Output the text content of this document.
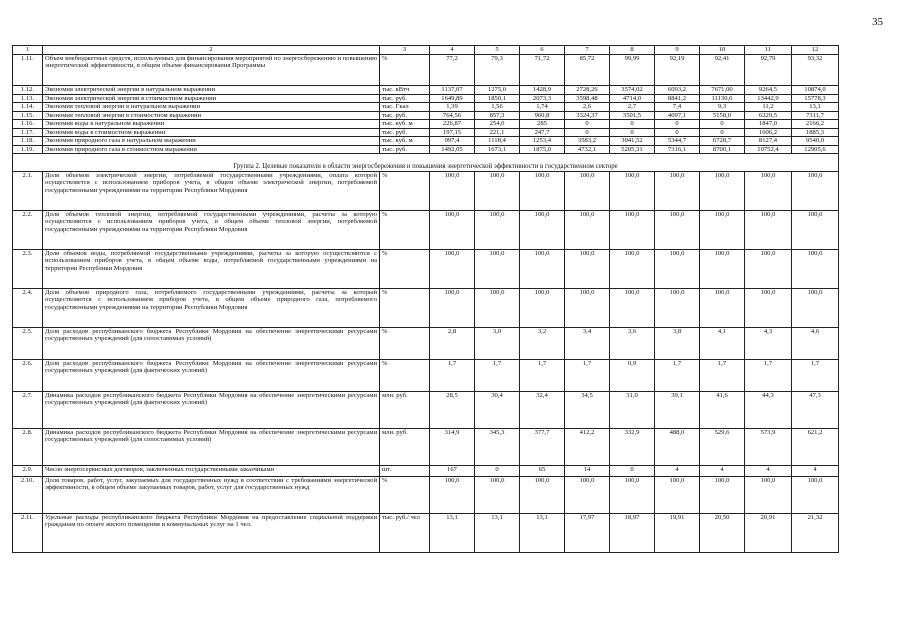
35
1	2	3	4	5	6	7	8	9	10	11	12
1.11.	Объем внебюджетных средств, используемых для финансирования мероприятий по энергосбережению и повышению энергетической эффективности, в общем объеме финансирования Программы	%	77,2	79,3	71,72	85,72	99,99	92,19	92,41	92,79	93,32
1.12.	Экономия электрической энергии в натуральном выражении	тыс. кВтч	1137,07	1275,0	1428,9	2728,26	3574,02	6093,2	7671,00	9264,5	10874,0
1.13.	Экономия электрической энергии в стоимостном выражении	тыс. руб.	1649,89	1850,1	2073,3	3598,48	4714,0	8841,2	11130,6	13442,9	15778,3
1.14.	Экономия тепловой энергии в натуральном выражении	тыс. Гкал	1,39	1,56	1,74	2,6	2,7	7,4	9,3	11,2	13,1
1.15.	Экономия тепловой энергии в стоимостном выражении	тыс. руб.	764,56	857,3	960,8	3324,37	3501,5	4097,1	5158,0	6229,5	7311,7
1.16.	Экономия воды в натуральном выражении	тыс. куб. м	226,87	254,0	285	0	0	0	0	1847,0	2166,2
1.17.	Экономия воды в стоимостном выражении	тыс. руб.	197,15	221,1	247,7	0	0	0	0	1606,2	1885,3
1.18.	Экономия природного газа в натуральном выражении	тыс. куб. м	997,4	1118,4	1253,4	3583,2	3941,52	5344,7	6728,7	8127,4	9540,0
1.19.	Экономия природного газа в стоимостном выражении	тыс. руб.	1492,05	1673,1	1875,0	4732,1	5205,31	7316,1	8700,1	10752,4	12905,6
Группа 2. Целевые показатели в области энергосбережения и повышения энергетической эффективности в государственном секторе											
2.1.	Доля объемов электрической энергии, потребляемой государственными учреждениями, оплата которой осуществляется с использованием приборов учета, в общем объеме электрической энергии, потребляемой государственными учреждениями на территории Республики Мордовия	%	100,0	100,0	100,0	100,0	100,0	100,0	100,0	100,0	100,0
2.2.	Доля объемов тепловой энергии, потребляемой государственными учреждениями, расчеты за которую осуществляются с использованием приборов учета, в общем объеме тепловой энергии, потребляемой государственными учреждениями на территории Республики Мордовия	%	100,0	100,0	100,0	100,0	100,0	100,0	100,0	100,0	100,0
2.3.	Доля объемов воды, потребляемой государственными учреждениями, расчеты за которую осуществляются с использованием приборов учета, в общем объеме воды, потребляемой государственными учреждениями на территории Республики Мордовия	%	100,0	100,0	100,0	100,0	100,0	100,0	100,0	100,0	100,0
2.4.	Доля объемов природного газа, потребляемого государственными учреждениями, расчеты за который осуществляются с использованием приборов учета, в общем объеме природного газа, потребляемого государственными учреждениями на территории Республики Мордовия	%	100,0	100,0	100,0	100,0	100,0	100,0	100,0	100,0	100,0
2.5.	Доля расходов республиканского бюджета Республики Мордовия на обеспечение энергетическими ресурсами государственных учреждений (для сопоставимых условий)	%	2,8	3,0	3,2	3,4	3,6	3,8	4,1	4,3	4,6
2.6.	Доля расходов республиканского бюджета Республики Мордовия на обеспечение энергетическими ресурсами государственных учреждений (для фактических условий)	%	1,7	1,7	1,7	1,7	0,9	1,7	1,7	1,7	1,7
2.7.	Динамика расходов республиканского бюджета Республики Мордовия на обеспечение энергетическими ресурсами государственных учреждений (для фактических условий)	млн. руб.	28,5	30,4	32,4	34,5	31,0	39,1	41,6	44,3	47,3
2.8.	Динамика расходов республиканского бюджета Республики Мордовия на обеспечение энергетическими ресурсами государственных учреждений (для сопоставимых условий)	млн. руб.	314,9	345,3	377,7	412,2	332,9	488,0	529,6	573,9	621,2
2.9.	Число энергосервисных договоров, заключенных государственными заказчиками	шт.	167	0	65	14	0	4	4	4	4
2.10.	Доля товаров, работ, услуг, закупаемых для государственных нужд в соответствии с требованиями энергетической эффективности, в общем объеме закупаемых товаров, работ, услуг для государственных нужд	%	100,0	100,0	100,0	100,0	100,0	100,0	100,0	100,0	100,0
2.11.	Удельные расходы республиканского бюджета Республики Мордовия на предоставление социальной поддержки гражданам по оплате жилого помещения и коммунальных услуг на 1 чел.	тыс. руб./ чел	13,1	13,1	13,1	17,97	18,97	19,91	20,50	20,91	21,32
